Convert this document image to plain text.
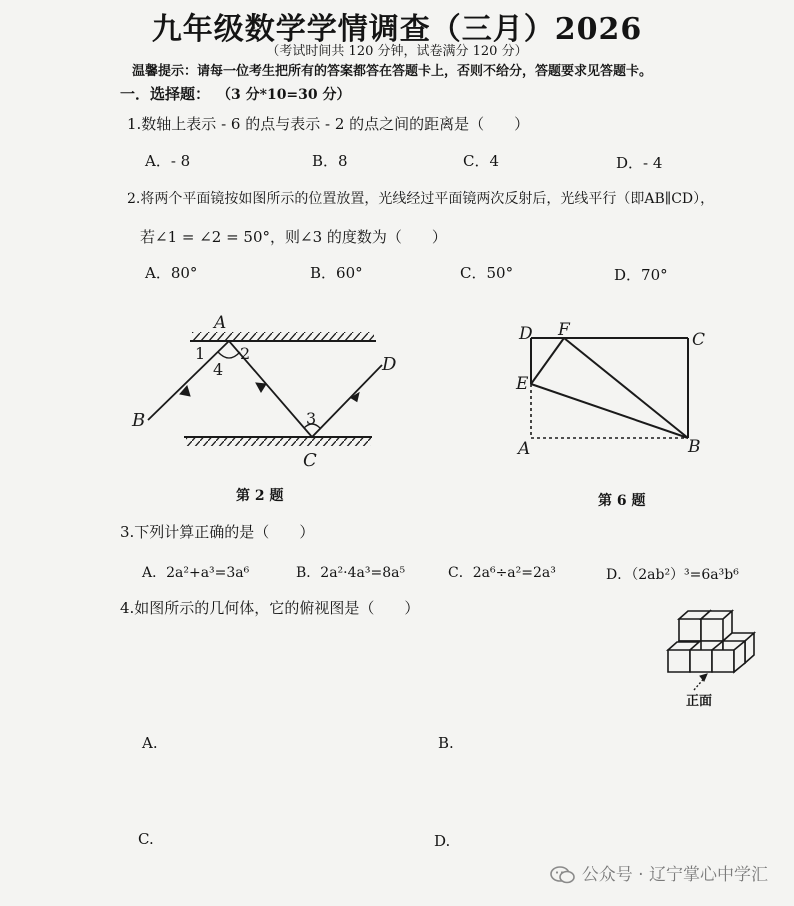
九年级数学学情调查（三月）2026
（考试时间共 120 分钟，试卷满分 120 分）
温馨提示：请每一位考生把所有的答案都答在答题卡上，否则不给分，答题要求见答题卡。
一．选择题： （3 分*10=30 分）
1.数轴上表示 - 6 的点与表示 - 2 的点之间的距离是（　　）
A．- 8	B．8	C．4	D．- 4
2.将两个平面镜按如图所示的位置放置，光线经过平面镜两次反射后，光线平行（即AB∥CD），
若∠1 = ∠2 = 50°，则∠3 的度数为（　　）
A．80°	B．60°	C．50°	D．70°
A
1 2
4
3
B
C
D
第 2 题
D F	C
E
A	B
第 6 题
3.下列计算正确的是（　　）
A．2a²+a³=3a⁶	B．2a²·4a³=8a⁵	C．2a⁶÷a²=2a³	D．（2ab²）³=6a³b⁶
4.如图所示的几何体，它的俯视图是（　　）
正面
A.	B.
C.	D.
公众号 · 辽宁掌心中学汇
